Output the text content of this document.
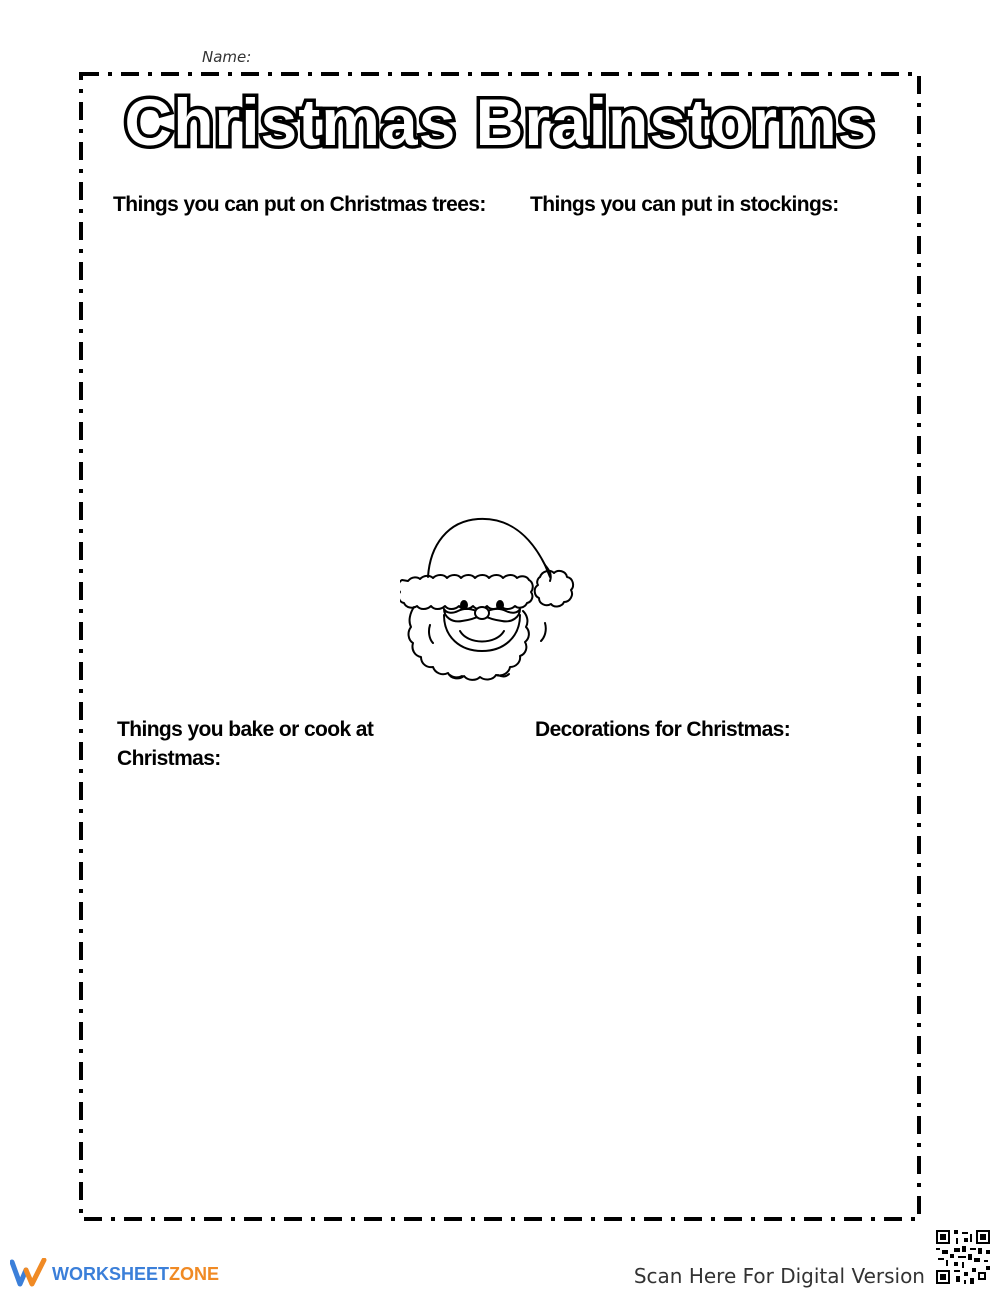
Name:
Christmas Brainstorms
Things you can put on Christmas trees:	Things you can put in stockings:
Things you bake or cook at Christmas:
Decorations for Christmas:
WORKSHEETZONE	Scan Here For Digital Version
